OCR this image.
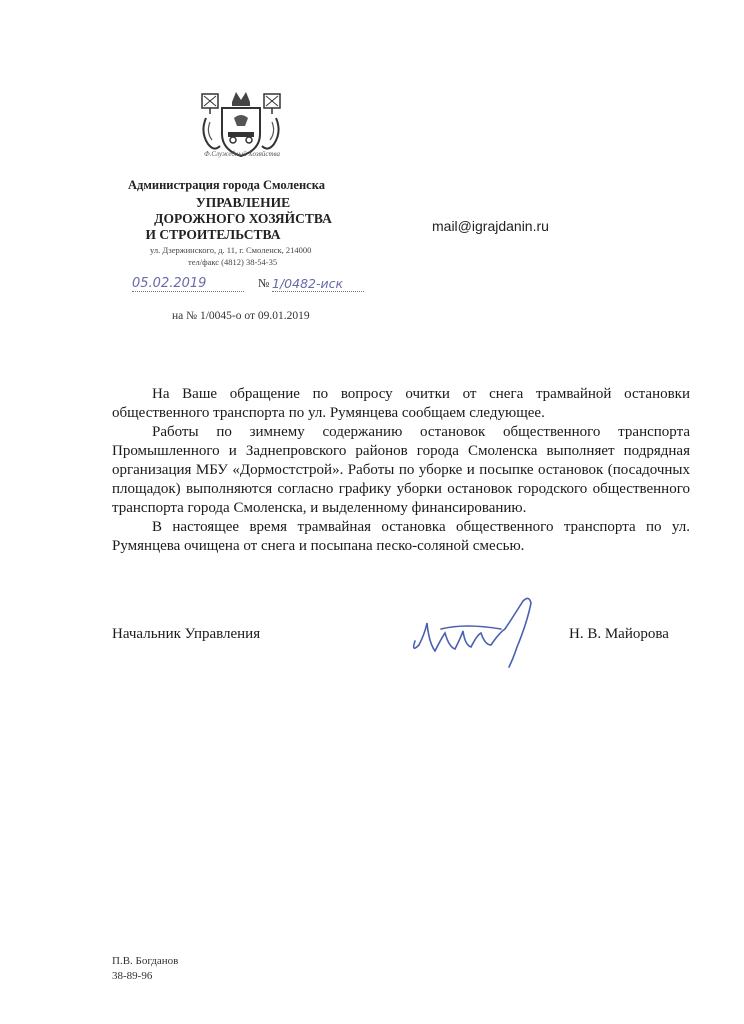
Ф.Служебный Хозяйства
Администрация города Смоленска
УПРАВЛЕНИЕ
ДОРОЖНОГО ХОЗЯЙСТВА
И СТРОИТЕЛЬСТВА
ул. Дзержинского, д. 11, г. Смоленск, 214000
тел/факс (4812) 38-54-35
05.02.2019	№ 1/0482-иск
на № 1/0045-о от 09.01.2019
mail@igrajdanin.ru

На Ваше обращение по вопросу очитки от снега трамвайной остановки общественного транспорта по ул. Румянцева сообщаем следующее.

Работы по зимнему содержанию остановок общественного транспорта Промышленного и Заднепровского районов города Смоленска выполняет подрядная организация МБУ «Дормостстрой». Работы по уборке и посыпке остановок (посадочных площадок) выполняются согласно графику уборки остановок городского общественного транспорта города Смоленска, и выделенному финансированию.

В настоящее время трамвайная остановка общественного транспорта по ул. Румянцева очищена от снега и посыпана песко-соляной смесью.

Начальник Управления	Н. В. Майорова
П.В. Богданов
38-89-96
